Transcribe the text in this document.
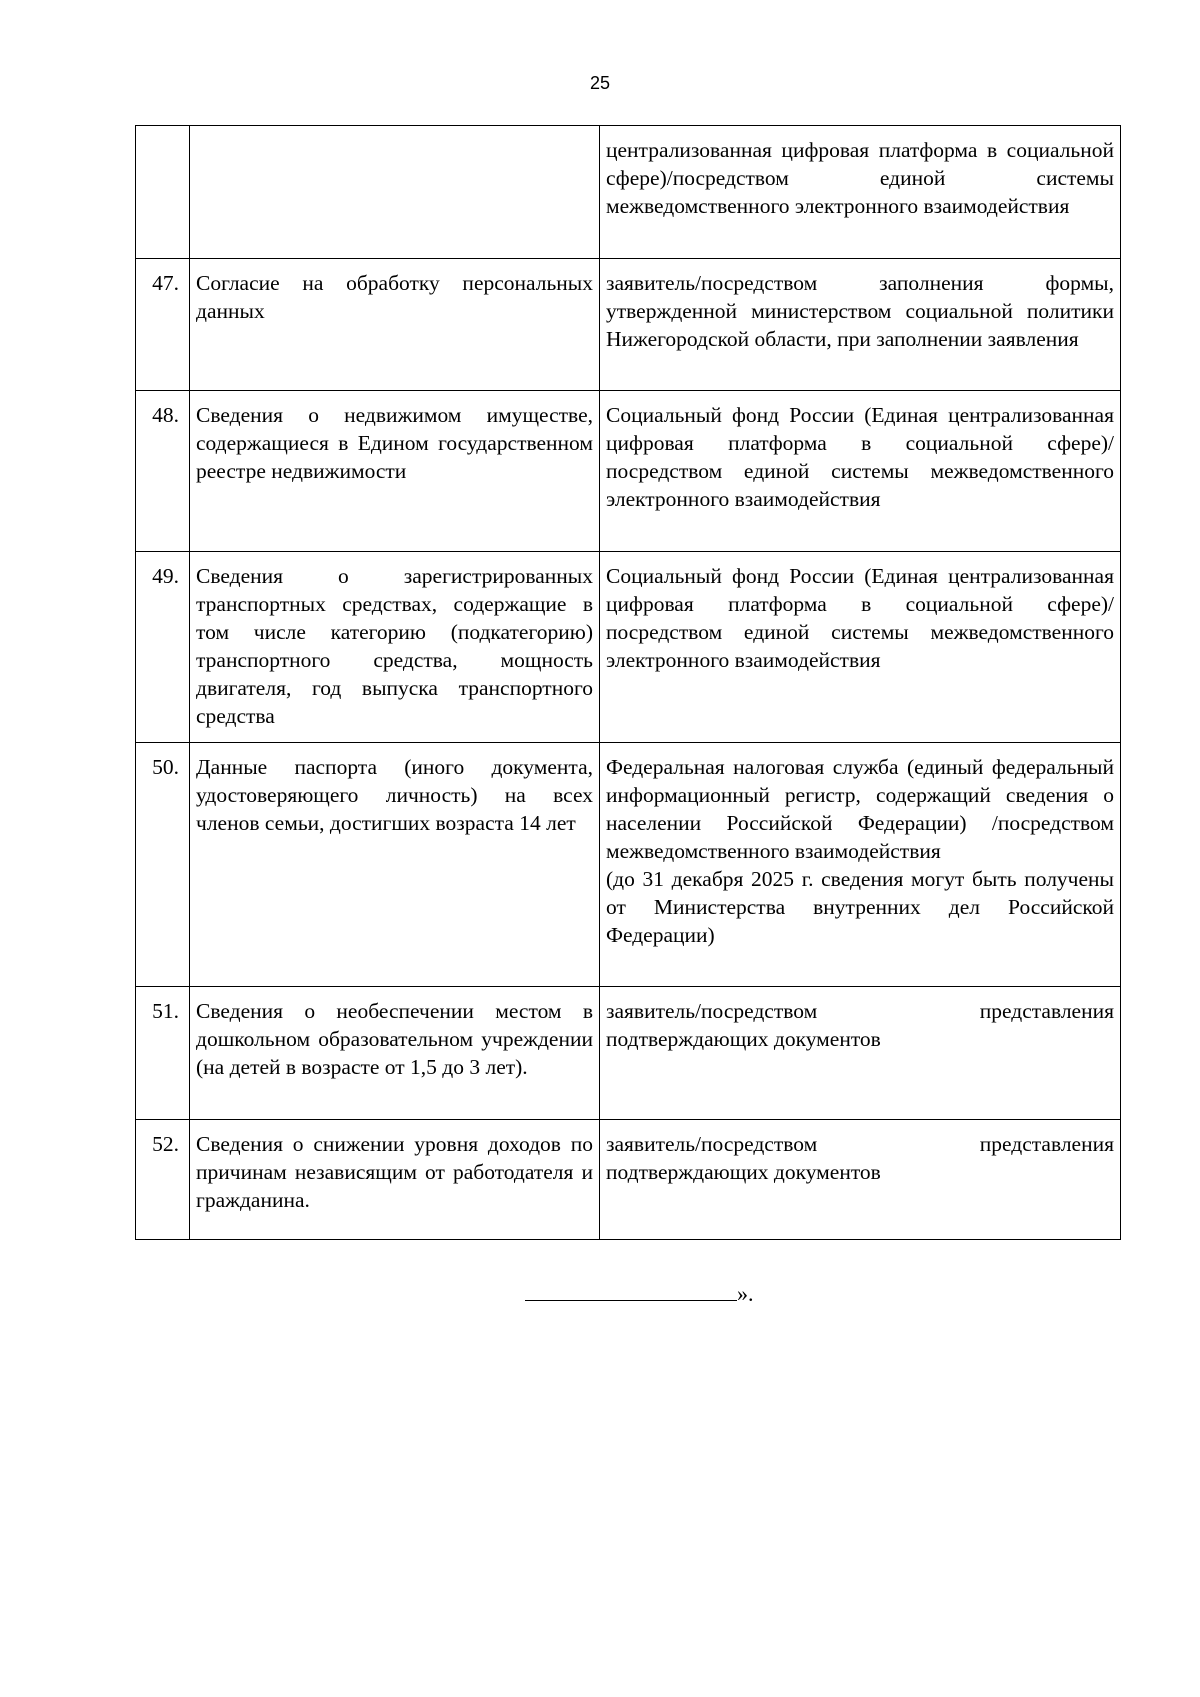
25

		централизованная цифровая платформа в социальной сфере)/посредством единой системы межведомственного электронного взаимодействия

47.	Согласие на обработку персональных данных	заявитель/посредством заполнения формы, утвержденной министерством социальной политики Нижегородской области, при заполнении заявления

48.	Сведения о недвижимом имуществе, содержащиеся в Едином государственном реестре недвижимости	Социальный фонд России (Единая централизованная цифровая платформа в социальной сфере)/посредством единой системы межведомственного электронного взаимодействия

49.	Сведения о зарегистрированных транспортных средствах, содержащие в том числе категорию (подкатегорию) транспортного средства, мощность двигателя, год выпуска транспортного средства	Социальный фонд России (Единая централизованная цифровая платформа в социальной сфере)/посредством единой системы межведомственного электронного взаимодействия

50.	Данные паспорта (иного документа, удостоверяющего личность) на всех членов семьи, достигших возраста 14 лет	Федеральная налоговая служба (единый федеральный информационный регистр, содержащий сведения о населении Российской Федерации) /посредством межведомственного взаимодействия
(до 31 декабря 2025 г. сведения могут быть получены от Министерства внутренних дел Российской Федерации)

51.	Сведения о необеспечении местом в дошкольном образовательном учреждении (на детей в возрасте от 1,5 до 3 лет).	заявитель/посредством представления подтверждающих документов

52.	Сведения о снижении уровня доходов по причинам независящим от работодателя и гражданина.	заявитель/посредством представления подтверждающих документов
».
